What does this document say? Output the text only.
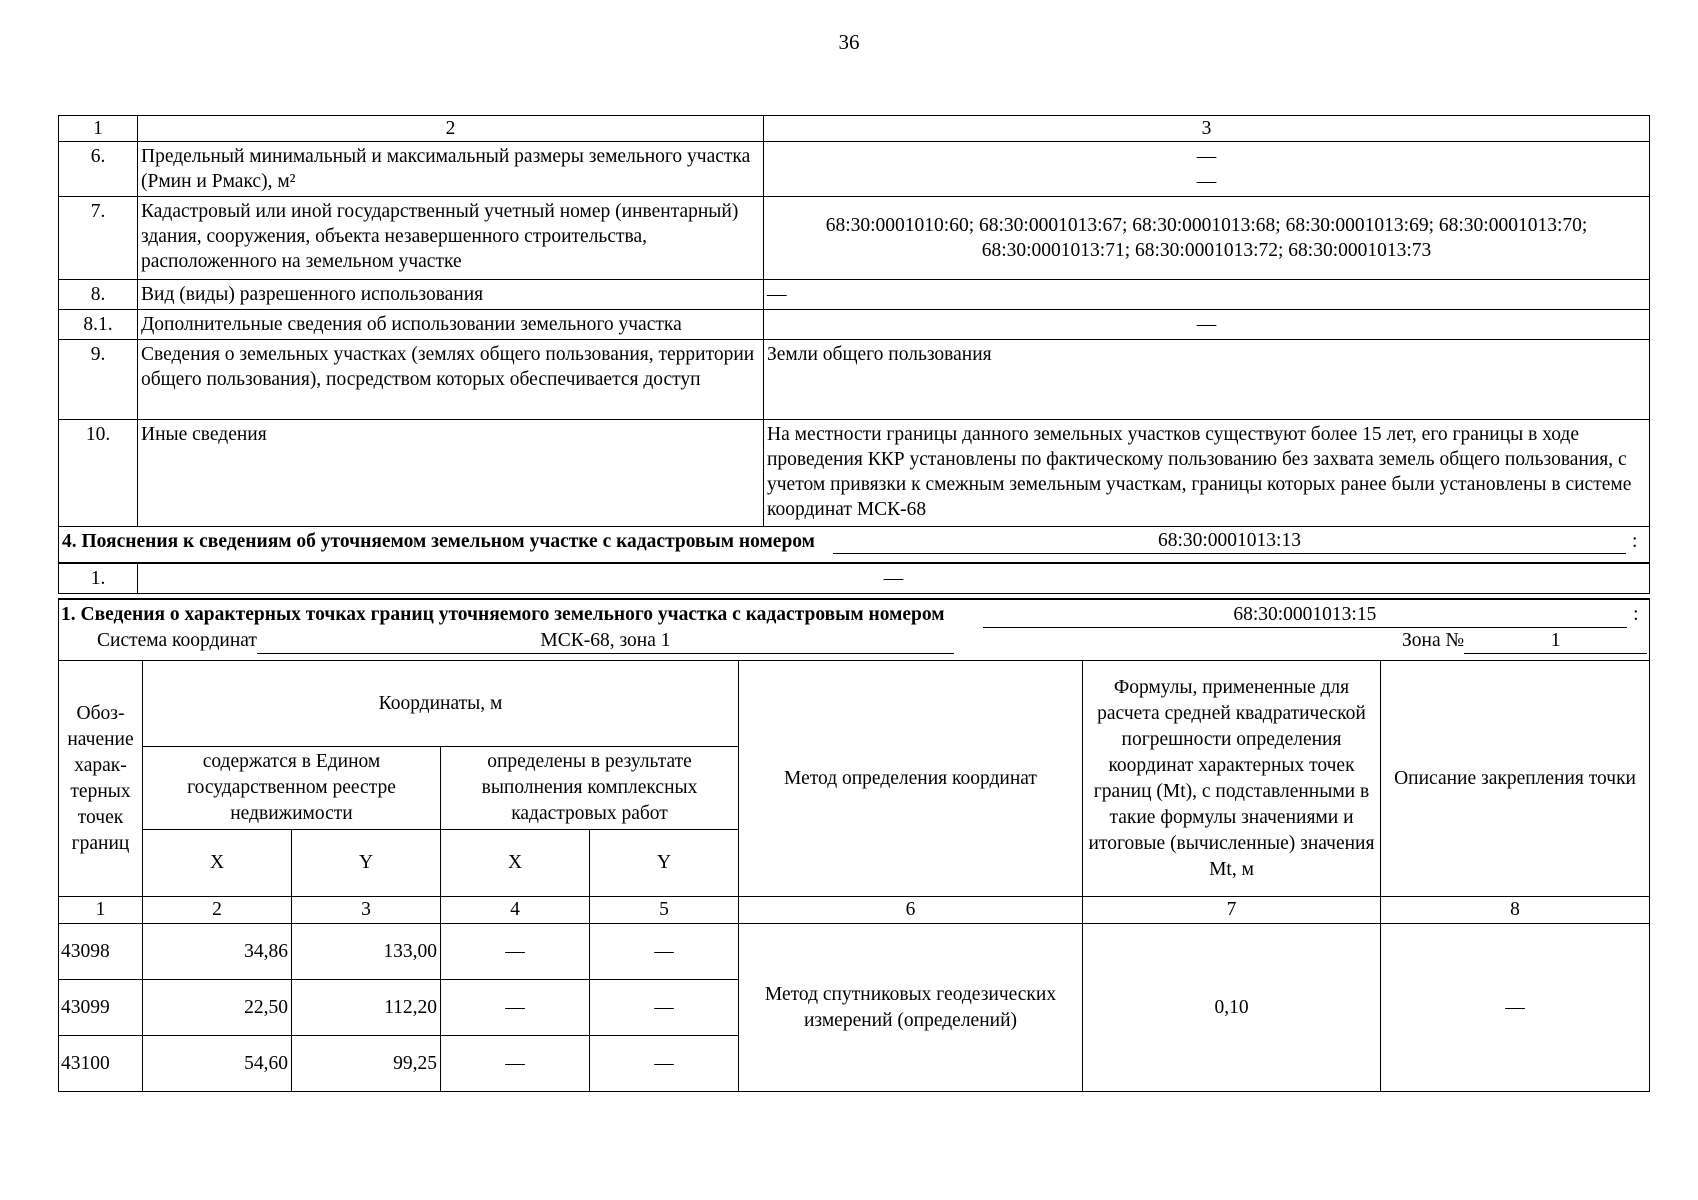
36
1	2	3
6.	Предельный минимальный и максимальный размеры земельного участка (Рмин и Рмакс), м²	—
—

7.	Кадастровый или иной государственный учетный номер (инвентарный) здания, сооружения, объекта незавершенного строительства, расположенного на земельном участке	68:30:0001010:60; 68:30:0001013:67; 68:30:0001013:68; 68:30:0001013:69; 68:30:0001013:70; 68:30:0001013:71; 68:30:0001013:72; 68:30:0001013:73
8.	Вид (виды) разрешенного использования	—
8.1.	Дополнительные сведения об использовании земельного участка	—
9.	Сведения о земельных участках (землях общего пользования, территории общего пользования), посредством которых обеспечивается доступ	Земли общего пользования
10.	Иные сведения	На местности границы данного земельных участков существуют более 15 лет, его границы в ходе проведения ККР установлены по фактическому пользованию без захвата земель общего пользования, с учетом привязки к смежным земельным участкам, границы которых ранее были установлены в системе координат МСК-68

4. Пояснения к сведениям об уточняемом земельном участке с кадастровым номером 68:30:0001013:13 :		

1.	—	
1. Сведения о характерных точках границ уточняемого земельного участка с кадастровым номером 68:30:0001013:15 :							

Система координат МСК-68, зона 1 Зона № 1							

Обоз-начение харак-терных точек границ	Координаты, м				Метод определения координат	Формулы, примененные для расчета средней квадратической погрешности определения координат характерных точек границ (Mt), с подставленными в такие формулы значениями и итоговые (вычисленные) значения Mt, м	Описание закрепления точки
	содержатся в Едином государственном реестре недвижимости		определены в результате выполнения комплексных кадастровых работ				
	X	Y	X	Y			
1	2	3	4	5	6	7	8
43098	34,86	133,00	—	—	Метод спутниковых геодезических измерений (определений)	0,10	—
43099	22,50	112,20	—	—			
43100	54,60	99,25	—	—			
